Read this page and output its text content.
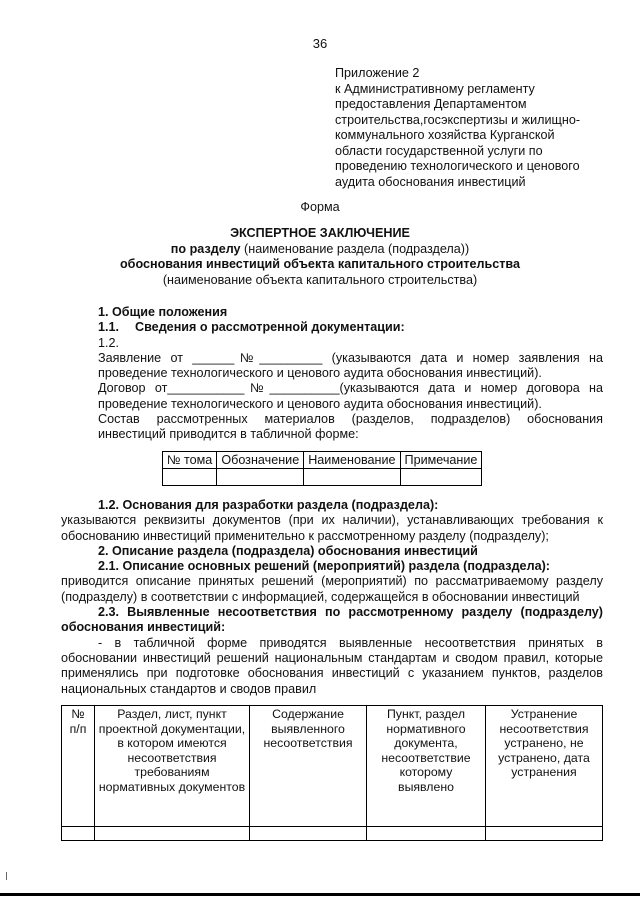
36
Приложение 2
к Административному регламенту
предоставления Департаментом
строительства,госэкспертизы и жилищно-
коммунального хозяйства Курганской
области государственной услуги по
проведению технологического и ценового
аудита обоснования инвестиций
Форма
ЭКСПЕРТНОЕ ЗАКЛЮЧЕНИЕ
по разделу (наименование раздела (подраздела))
обоснования инвестиций объекта капитального строительства
(наименование объекта капитального строительства)

1. Общие положения

1.1. Сведения о рассмотренной документации:

1.2.

Заявление от ______№_________ (указываются дата и номер заявления на проведение технологического и ценового аудита обоснования инвестиций).

Договор от___________№__________(указываются дата и номер договора на проведение технологического и ценового аудита обоснования инвестиций).

Состав рассмотренных материалов (разделов, подразделов) обоснования инвестиций приводится в табличной форме:

№ тома	Обозначение	Наименование	Примечание

1.2. Основания для разработки раздела (подраздела):

указываются реквизиты документов (при их наличии), устанавливающих требования к обоснованию инвестиций применительно к рассмотренному разделу (подразделу);

2. Описание раздела (подраздела) обоснования инвестиций

2.1. Описание основных решений (мероприятий) раздела (подраздела):

приводится описание принятых решений (мероприятий) по рассматриваемому разделу (подразделу) в соответствии с информацией, содержащейся в обосновании инвестиций

2.3. Выявленные несоответствия по рассмотренному разделу (подразделу) обоснования инвестиций:

- в табличной форме приводятся выявленные несоответствия принятых в обосновании инвестиций решений национальным стандартам и сводом правил, которые применялись при подготовке обоснования инвестиций с указанием пунктов, разделов национальных стандартов и сводов правил

№ п/п	Раздел, лист, пункт проектной документации, в котором имеются несоответствия требованиям нормативных документов	Содержание выявленного несоответствия	Пункт, раздел нормативного документа, несоответствие которому выявлено	Устранение несоответствия устранено, не устранено, дата устранения
